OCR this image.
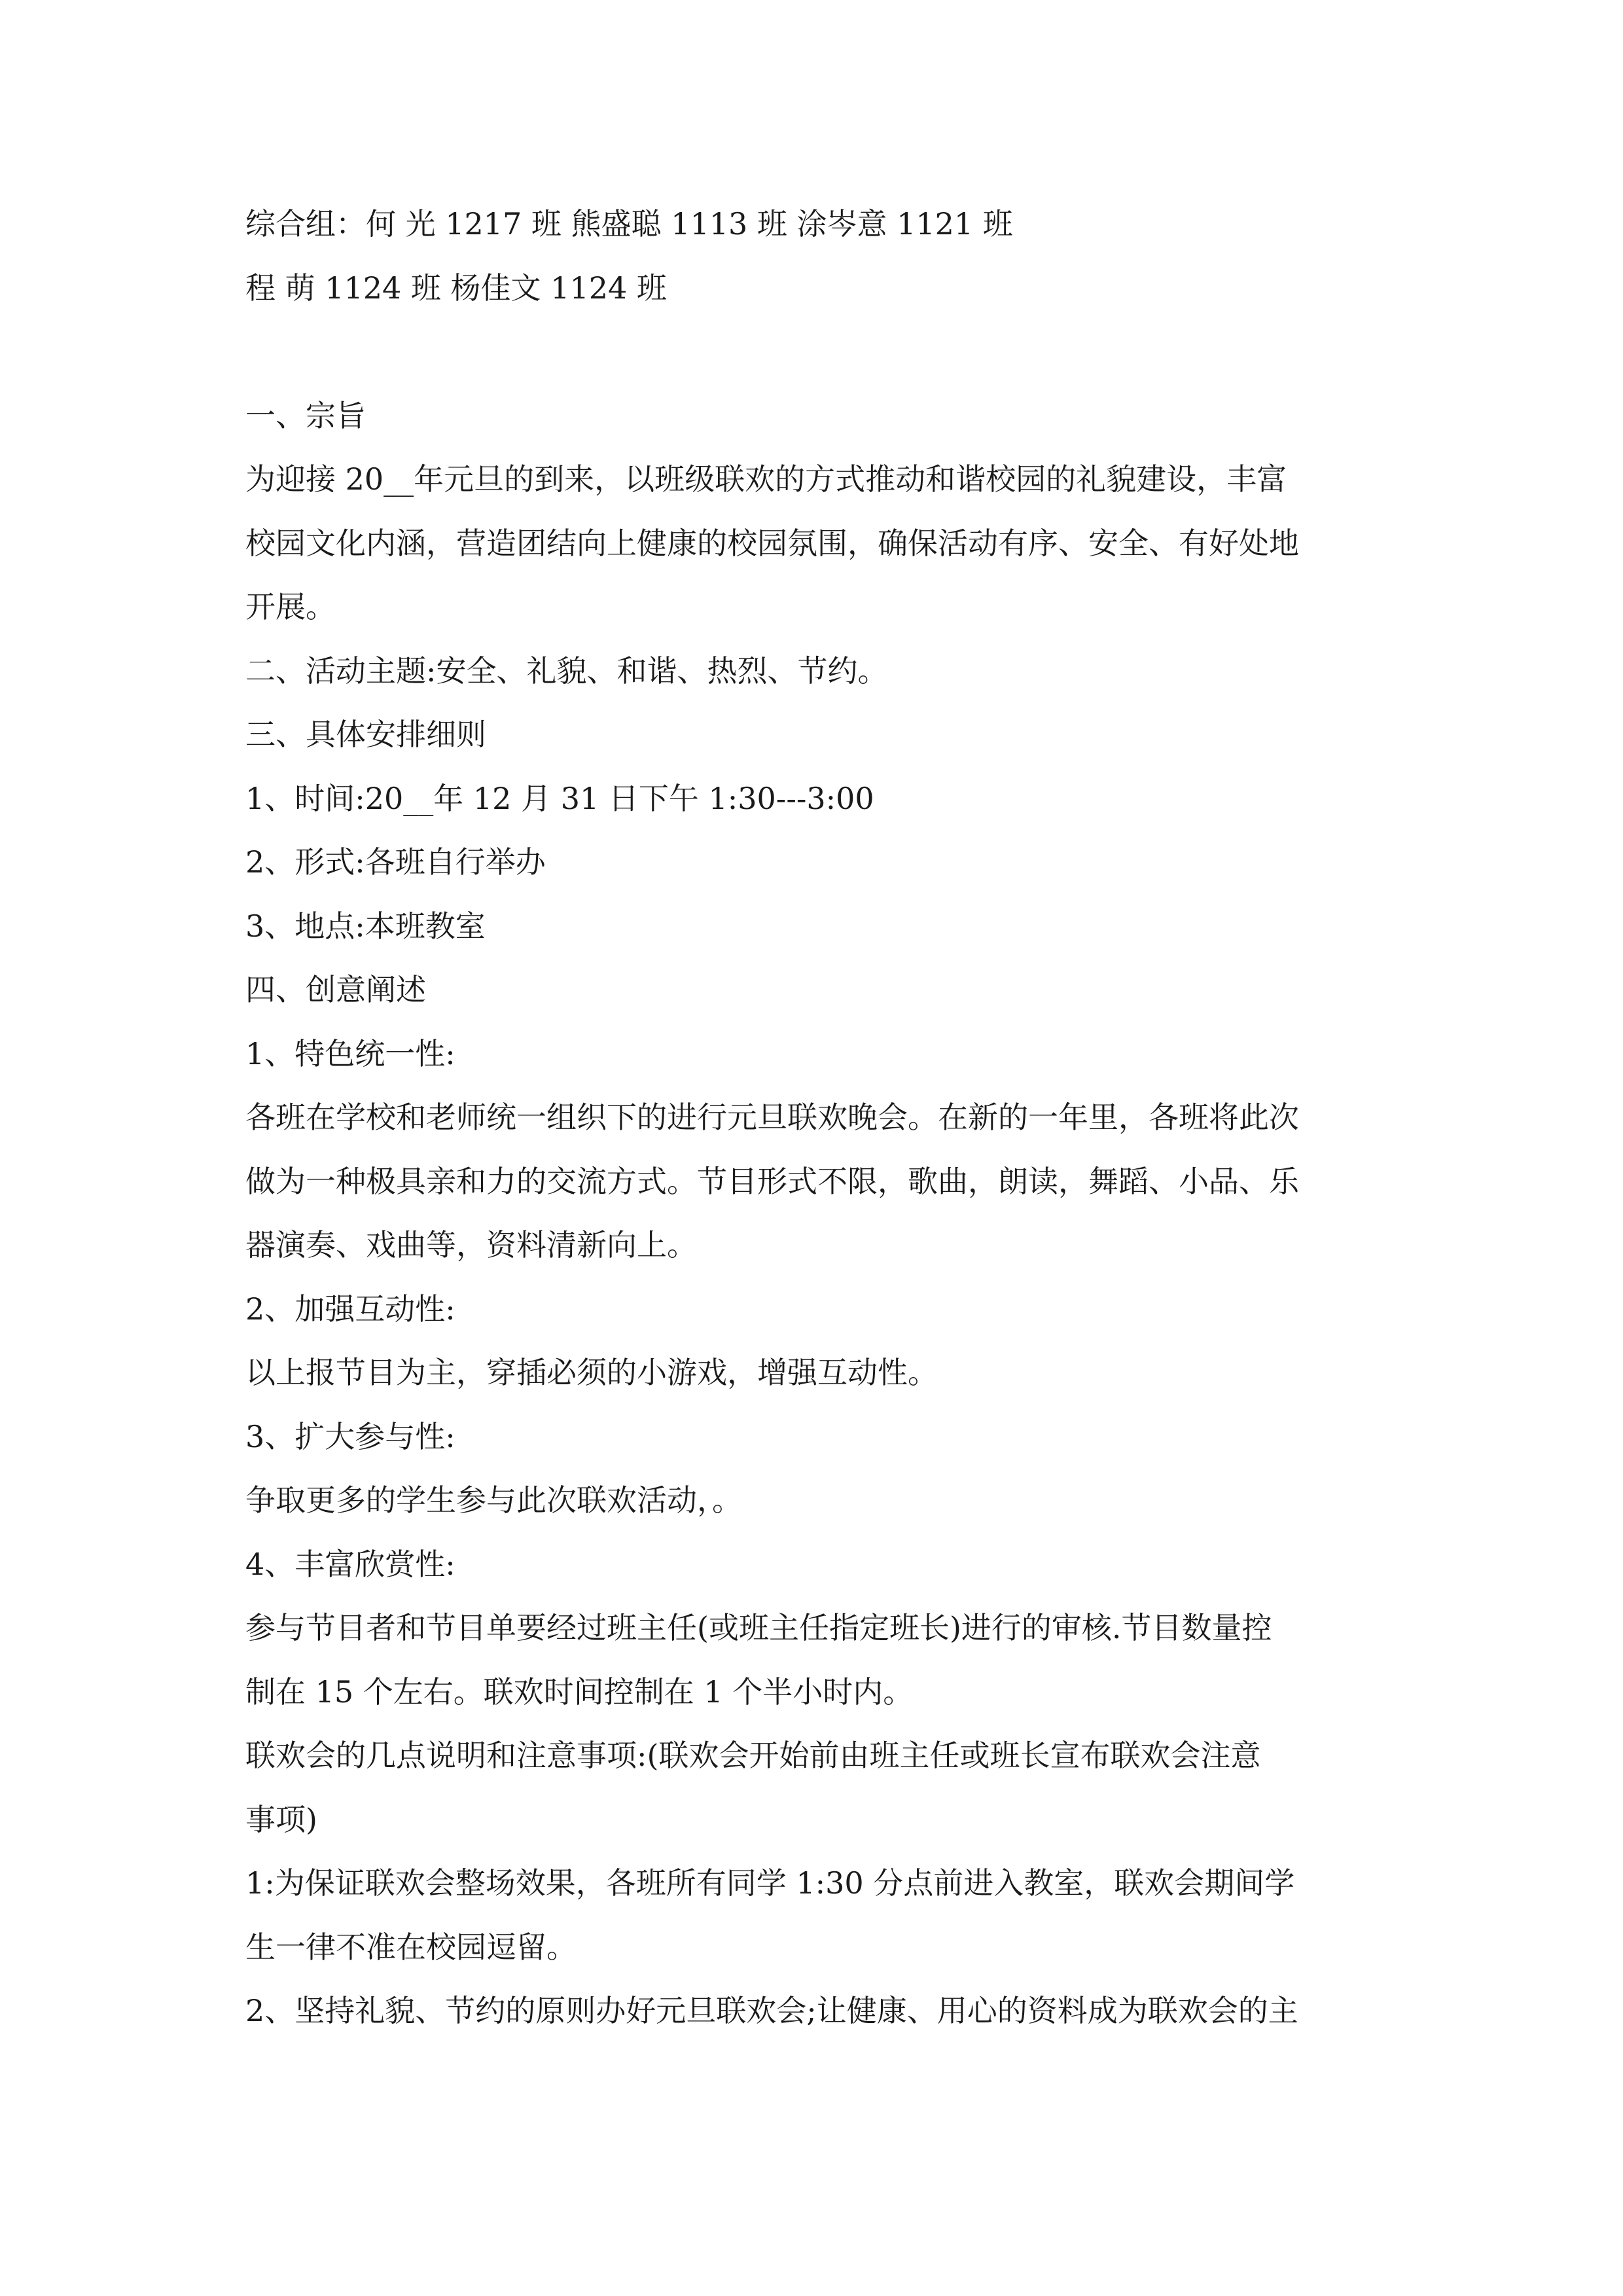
综合组：何 光 1217 班 熊盛聪 1113 班 涂岑意 1121 班
程 萌 1124 班 杨佳文 1124 班
一、宗旨
为迎接 20__年元旦的到来，以班级联欢的方式推动和谐校园的礼貌建设，丰富
校园文化内涵，营造团结向上健康的校园氛围，确保活动有序、安全、有好处地
开展。
二、活动主题:安全、礼貌、和谐、热烈、节约。
三、具体安排细则
1、时间:20__年 12 月 31 日下午 1:30---3:00
2、形式:各班自行举办
3、地点:本班教室
四、创意阐述
1、特色统一性:
各班在学校和老师统一组织下的进行元旦联欢晚会。在新的一年里，各班将此次
做为一种极具亲和力的交流方式。节目形式不限，歌曲，朗读，舞蹈、小品、乐
器演奏、戏曲等，资料清新向上。
2、加强互动性:
以上报节目为主，穿插必须的小游戏，增强互动性。
3、扩大参与性:
争取更多的学生参与此次联欢活动，。
4、丰富欣赏性:
参与节目者和节目单要经过班主任(或班主任指定班长)进行的审核.节目数量控
制在 15 个左右。联欢时间控制在 1 个半小时内。
联欢会的几点说明和注意事项:(联欢会开始前由班主任或班长宣布联欢会注意
事项)
1:为保证联欢会整场效果，各班所有同学 1:30 分点前进入教室，联欢会期间学
生一律不准在校园逗留。
2、坚持礼貌、节约的原则办好元旦联欢会;让健康、用心的资料成为联欢会的主
